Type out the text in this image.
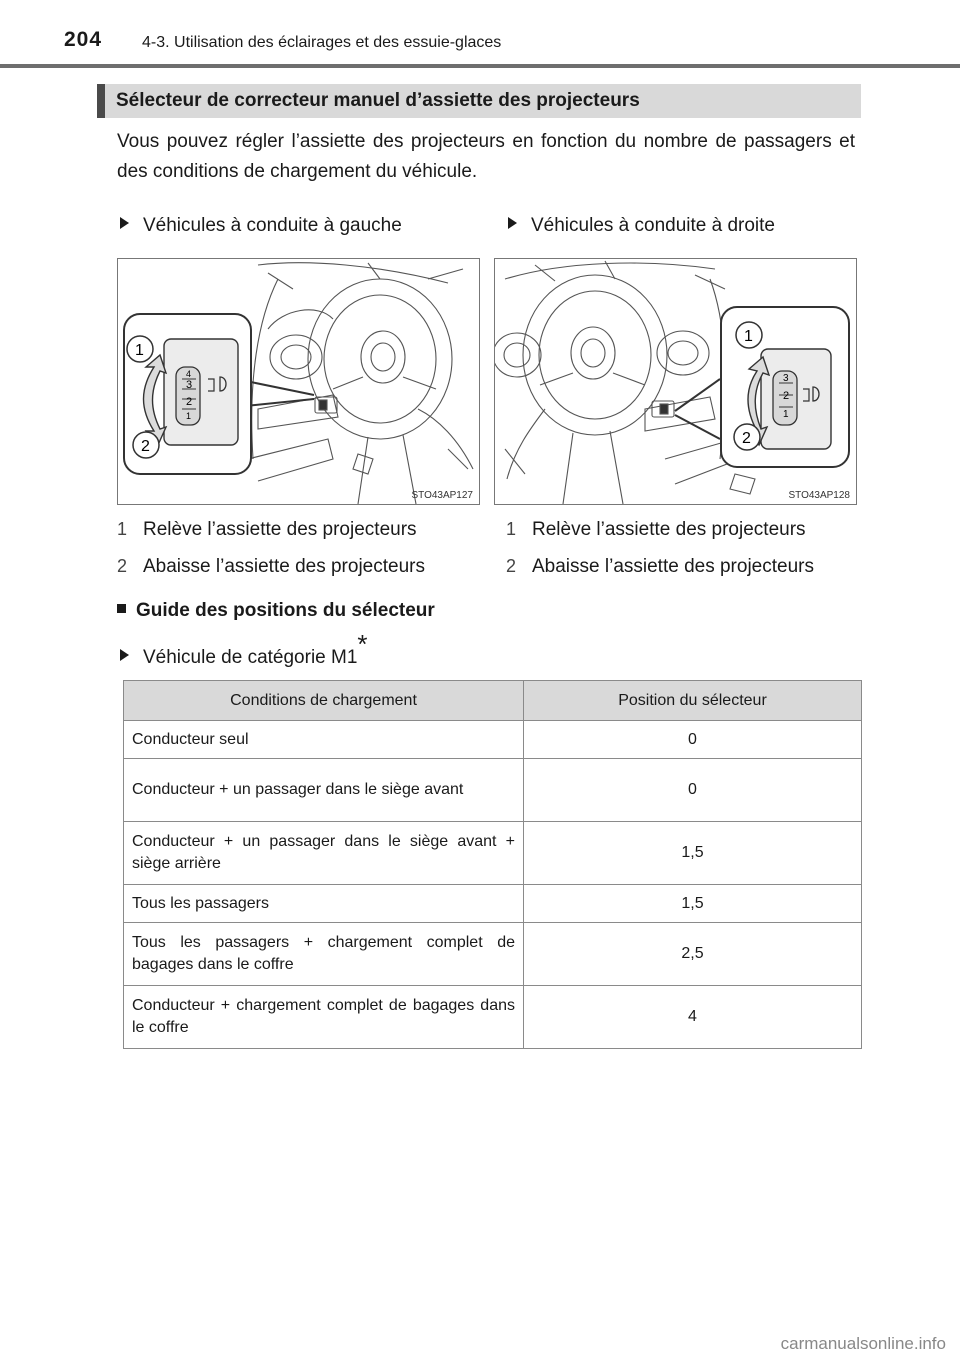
204 4-3. Utilisation des éclairages et des essuie-glaces
Sélecteur de correcteur manuel d’assiette des projecteurs
Vous pouvez régler l’assiette des projecteurs en fonction du nombre de passagers et des conditions de chargement du véhicule.
Véhicules à conduite à gauche	Véhicules à conduite à droite
4
3
2
1
1
2
STO43AP127
3
2
1
1
2
STO43AP128
1 Relève l’assiette des projecteurs
2 Abaisse l’assiette des projecteurs
1 Relève l’assiette des projecteurs
2 Abaisse l’assiette des projecteurs
Guide des positions du sélecteur
Véhicule de catégorie M1*
Conditions de chargement	Position du sélecteur
Conducteur seul	0
Conducteur + un passager dans le siège avant	0
Conducteur + un passager dans le siège avant + siège arrière	1,5
Tous les passagers	1,5
Tous les passagers + chargement complet de bagages dans le coffre	2,5
Conducteur + chargement complet de bagages dans le coffre	4
carmanualsonline.info
